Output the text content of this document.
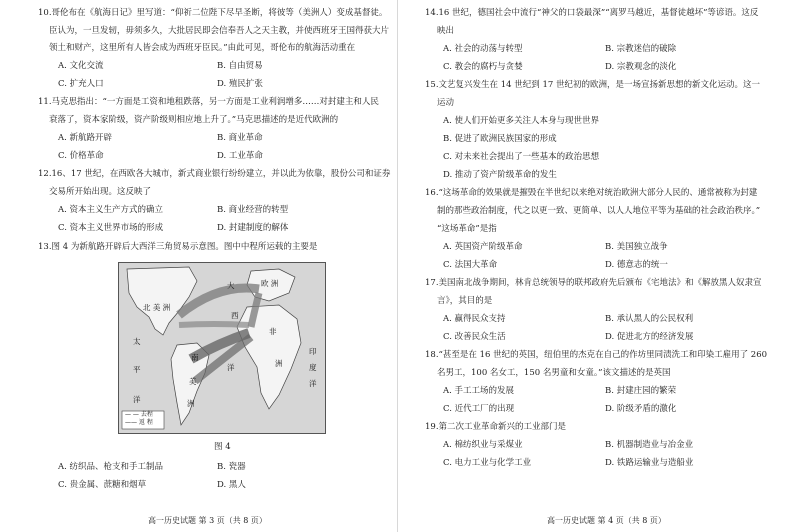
10.哥伦布在《航海日记》里写道：“仰祈二位陛下尽早圣断，将彼等（美洲人）变成基督徒。
臣认为，一旦发轫，毋须多久，大批居民即会信奉吾人之天主教，并使西班牙王国得获大片
领土和财产，这里所有人皆会成为西班牙臣民。”由此可见，哥伦布的航海活动重在
A. 文化交流	B. 自由贸易
C. 扩充人口	D. 殖民扩张
11.马克思指出：“一方面是工资和地租跌落，另一方面是工业利润增多……对封建主和人民
衰落了，资本家阶级，资产阶级则相应地上升了。”马克思描述的是近代欧洲的
A. 新航路开辟	B. 商业革命
C. 价格革命	D. 工业革命
12.16、17 世纪，在西欧各大城市，新式商业银行纷纷建立，并以此为依靠，股份公司和证券
交易所开始出现。这反映了
A. 资本主义生产方式的确立	B. 商业经营的转型
C. 资本主义世界市场的形成	D. 封建制度的解体
13.图 4 为新航路开辟后大西洋三角贸易示意图。图中中程所运载的主要是
北 美 洲
大
西
洋
欧 洲
太
平
洋
南
美
洲
非
洲
印
度
洋
— — 去程
—— 返 程
图 4
A. 纺织品、枪支和手工制品	B. 瓷器
C. 贵金属、蔗糖和烟草	D. 黑人
高一历史试题 第 3 页（共 8 页）
14.16 世纪，德国社会中流行“神父的口袋最深”“离罗马越近，基督徒越坏”等谚语。这反
映出
A. 社会的动荡与转型	B. 宗教迷信的破除
C. 教会的腐朽与贪婪	D. 宗教观念的淡化
15.文艺复兴发生在 14 世纪到 17 世纪初的欧洲，是一场宣扬新思想的新文化运动。这一
运动
A. 使人们开始更多关注人本身与现世世界
B. 促进了欧洲民族国家的形成
C. 对未来社会提出了一些基本的政治思想
D. 推动了资产阶级革命的发生
16.“这场革命的效果就是摧毁在半世纪以来绝对统治欧洲大部分人民的、通常被称为封建
制的那些政治制度，代之以更一致、更简单、以人人地位平等为基础的社会政治秩序。”
“这场革命”是指
A. 英国资产阶级革命	B. 美国独立战争
C. 法国大革命	D. 德意志的统一
17.美国南北战争期间，林肯总统领导的联邦政府先后颁布《宅地法》和《解放黑人奴隶宣
言》，其目的是
A. 赢得民众支持	B. 承认黑人的公民权利
C. 改善民众生活	D. 促进北方的经济发展
18.“甚至是在 16 世纪的英国，纽伯里的杰克在自己的作坊里同渍洗工和印染工雇用了 260
名男工，100 名女工，150 名男童和女童。”该文描述的是英国
A. 手工工场的发展	B. 封建庄园的繁荣
C. 近代工厂的出现	D. 阶级矛盾的激化
19.第二次工业革命新兴的工业部门是
A. 棉纺织业与采煤业	B. 机器制造业与冶金业
C. 电力工业与化学工业	D. 铁路运输业与造船业
高一历史试题 第 4 页（共 8 页）
